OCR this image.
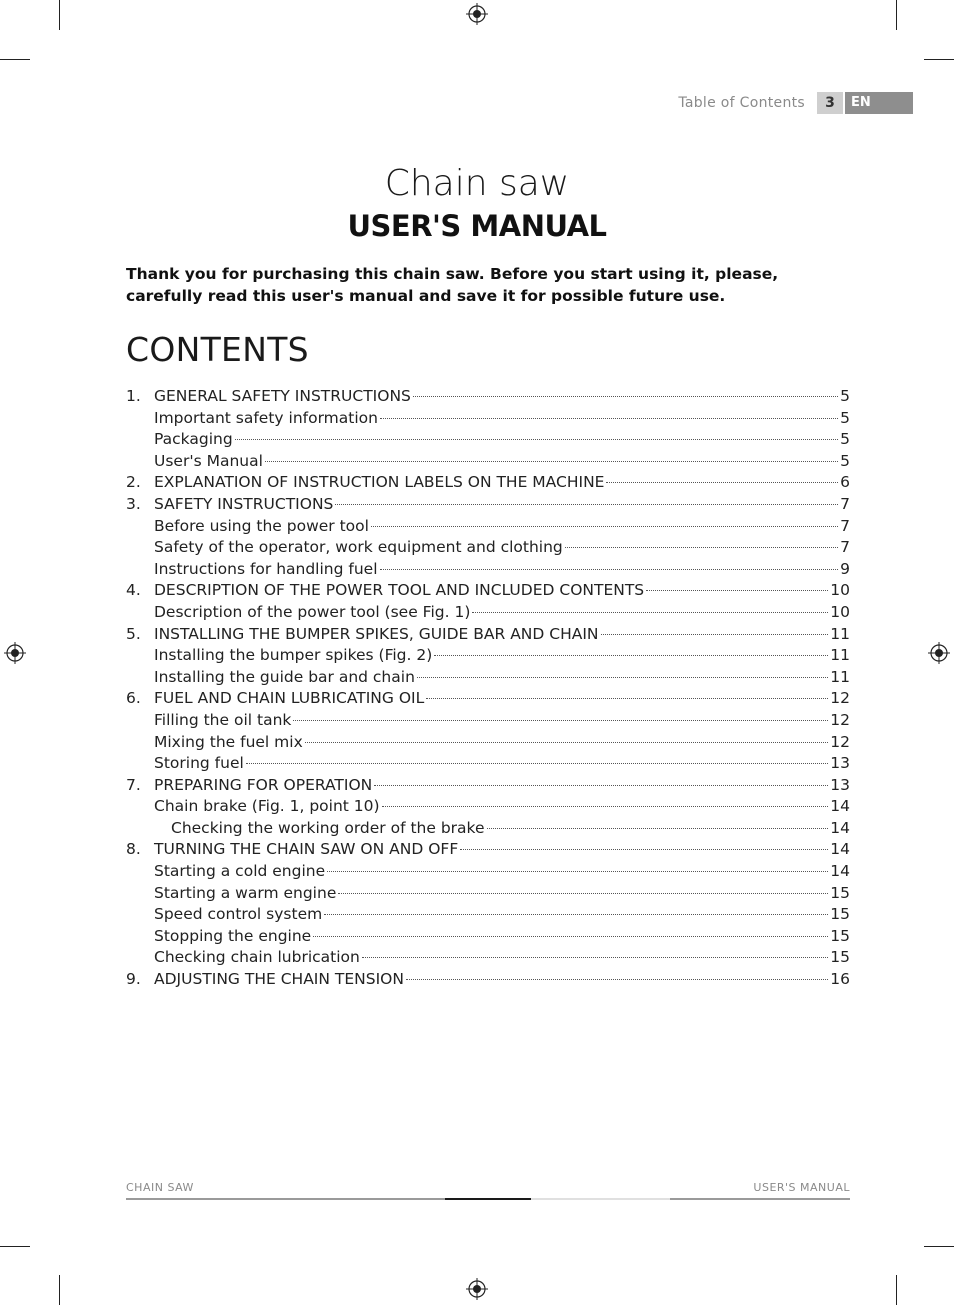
Table of Contents	3	EN
Chain saw
USER'S MANUAL
Thank you for purchasing this chain saw. Before you start using it, please, carefully read this user's manual and save it for possible future use.
CONTENTS
1. GENERAL SAFETY INSTRUCTIONS	5
Important safety information	5
Packaging	5
User's Manual	5
2. EXPLANATION OF INSTRUCTION LABELS ON THE MACHINE	6
3. SAFETY INSTRUCTIONS	7
Before using the power tool	7
Safety of the operator, work equipment and clothing	7
Instructions for handling fuel	9
4. DESCRIPTION OF THE POWER TOOL AND INCLUDED CONTENTS	10
Description of the power tool (see Fig. 1)	10
5. INSTALLING THE BUMPER SPIKES, GUIDE BAR AND CHAIN	11
Installing the bumper spikes (Fig. 2)	11
Installing the guide bar and chain	11
6. FUEL AND CHAIN LUBRICATING OIL	12
Filling the oil tank	12
Mixing the fuel mix	12
Storing fuel	13
7. PREPARING FOR OPERATION	13
Chain brake (Fig. 1, point 10)	14
Checking the working order of the brake	14
8. TURNING THE CHAIN SAW ON AND OFF	14
Starting a cold engine	14
Starting a warm engine	15
Speed control system	15
Stopping the engine	15
Checking chain lubrication	15
9. ADJUSTING THE CHAIN TENSION	16
CHAIN SAW	USER'S MANUAL
